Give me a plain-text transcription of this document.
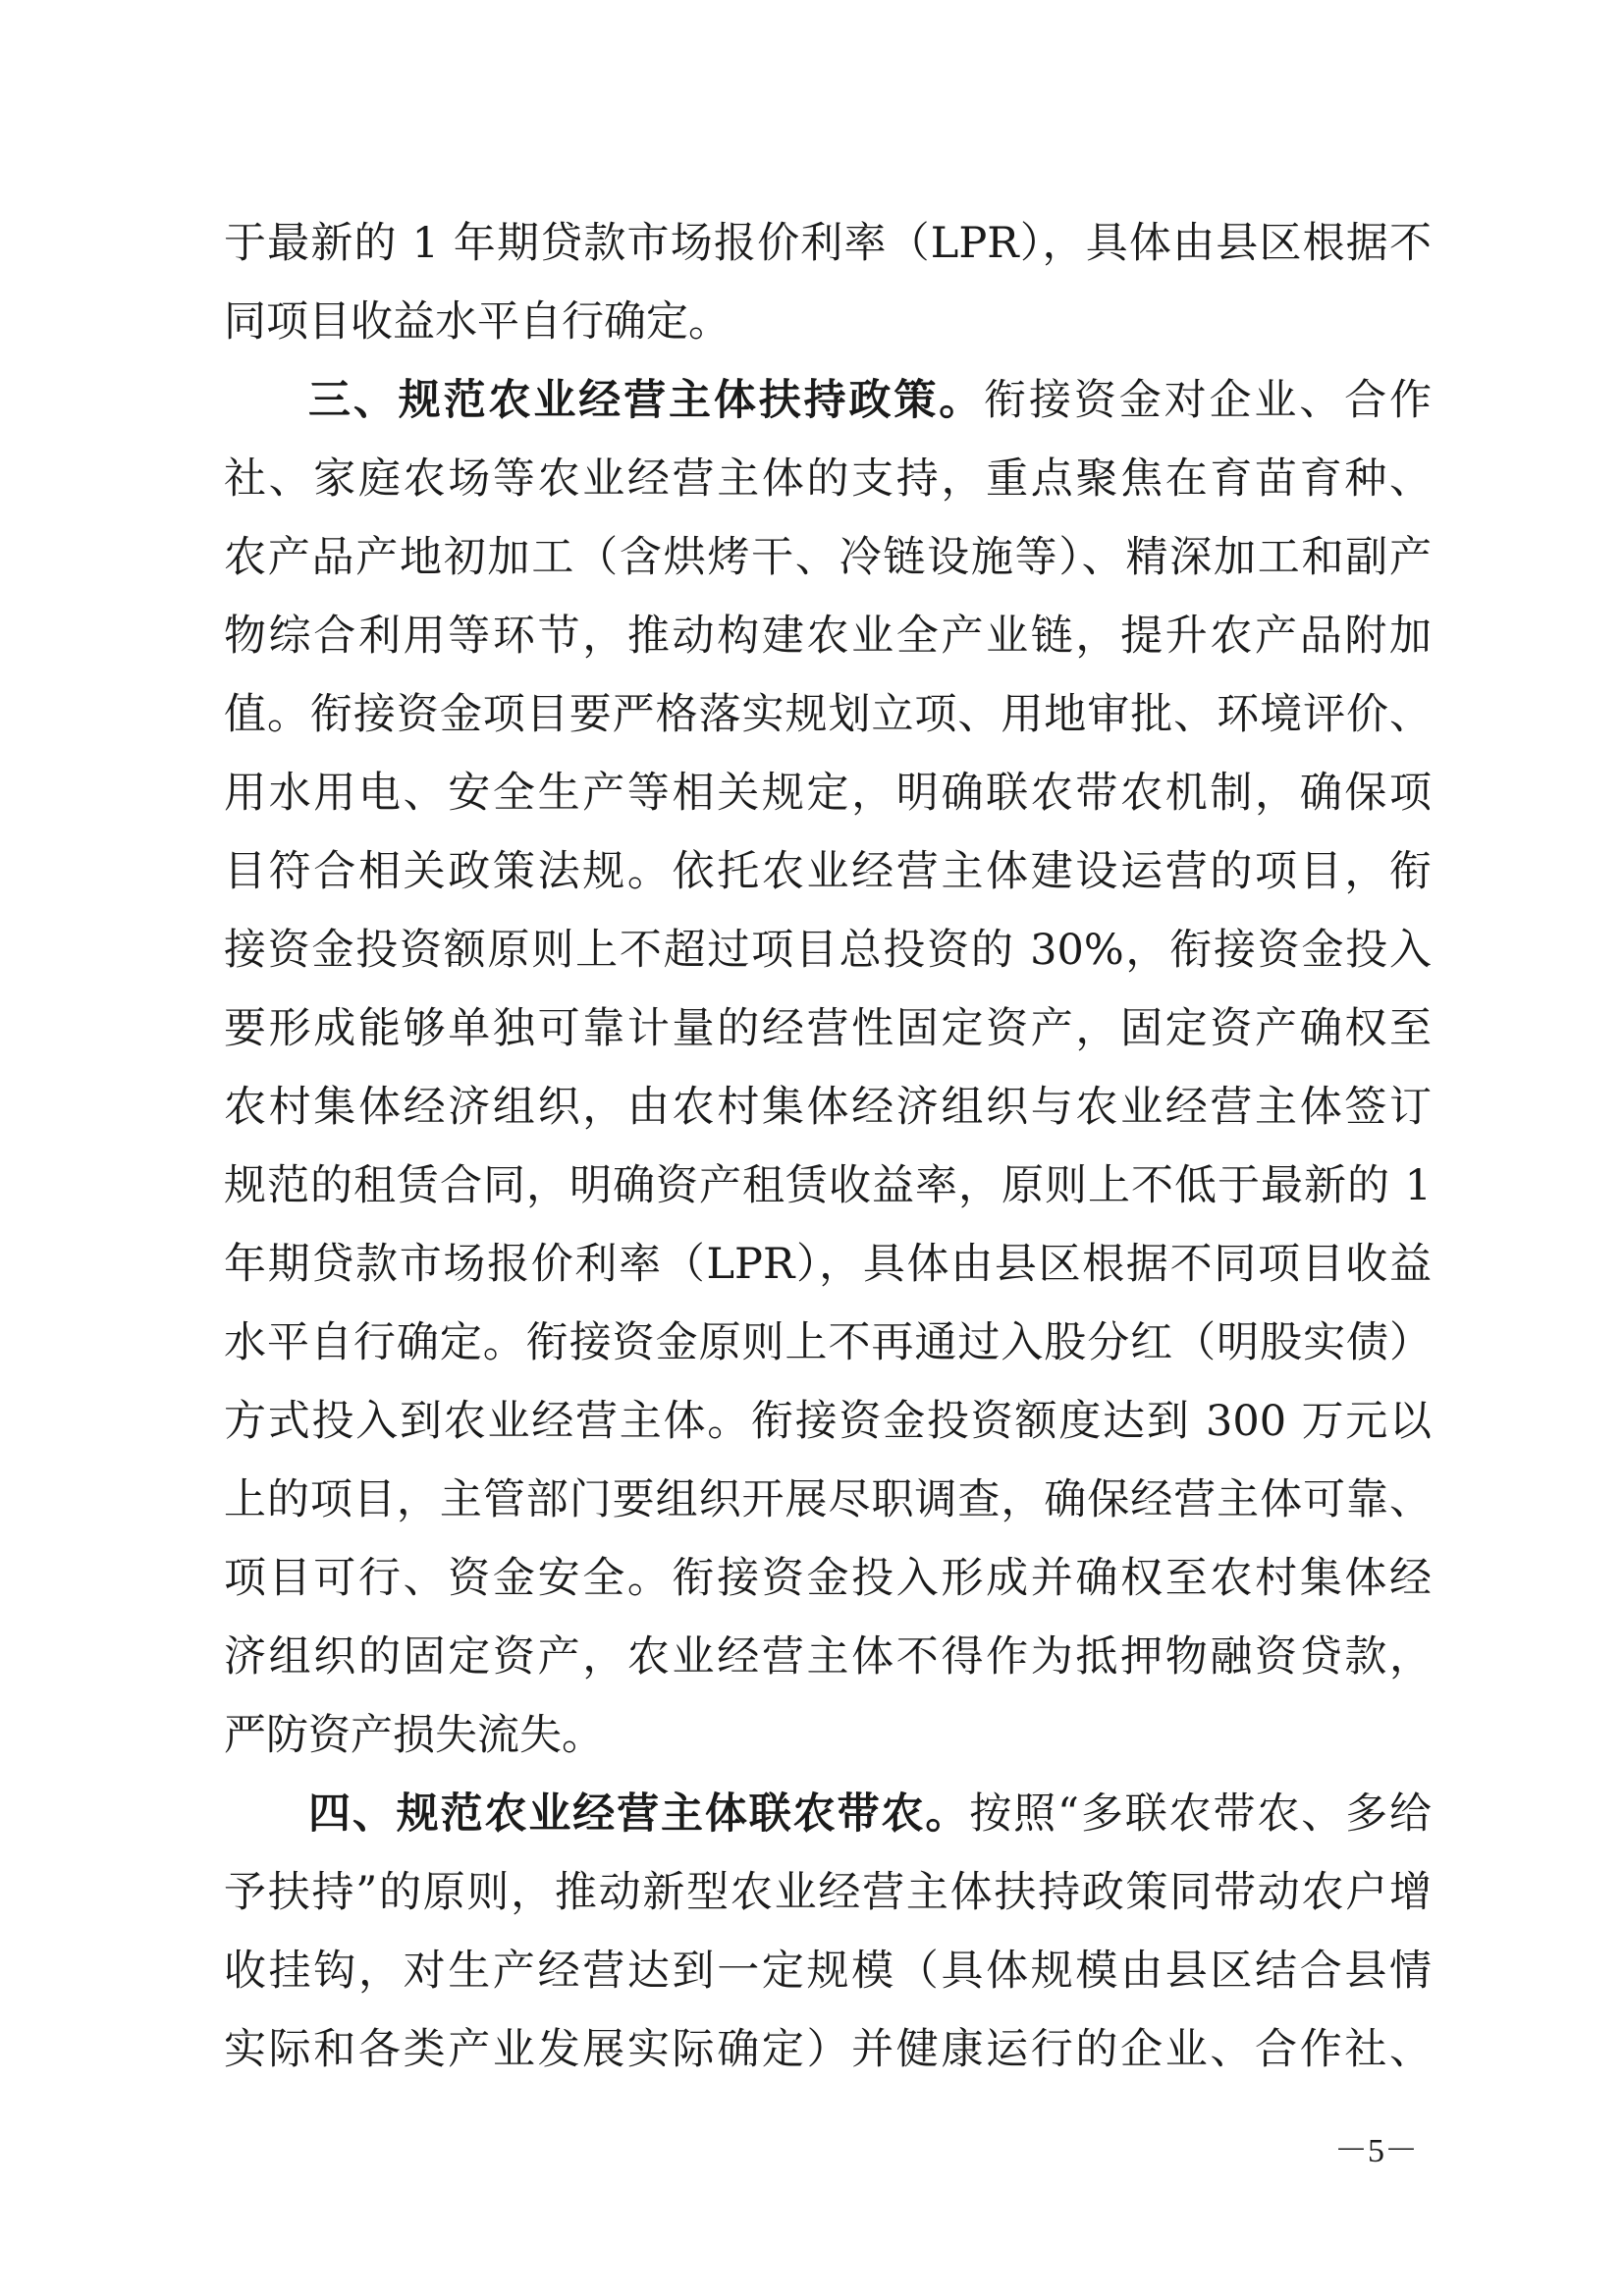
于最新的 1 年期贷款市场报价利率（LPR），具体由县区根据不
同项目收益水平自行确定。
三、规范农业经营主体扶持政策。衔接资金对企业、合作
社、家庭农场等农业经营主体的支持，重点聚焦在育苗育种、
农产品产地初加工（含烘烤干、冷链设施等）、精深加工和副产
物综合利用等环节，推动构建农业全产业链，提升农产品附加
值。衔接资金项目要严格落实规划立项、用地审批、环境评价、
用水用电、安全生产等相关规定，明确联农带农机制，确保项
目符合相关政策法规。依托农业经营主体建设运营的项目，衔
接资金投资额原则上不超过项目总投资的 30%，衔接资金投入
要形成能够单独可靠计量的经营性固定资产，固定资产确权至
农村集体经济组织，由农村集体经济组织与农业经营主体签订
规范的租赁合同，明确资产租赁收益率，原则上不低于最新的 1
年期贷款市场报价利率（LPR），具体由县区根据不同项目收益
水平自行确定。衔接资金原则上不再通过入股分红（明股实债）
方式投入到农业经营主体。衔接资金投资额度达到 300 万元以
上的项目，主管部门要组织开展尽职调查，确保经营主体可靠、
项目可行、资金安全。衔接资金投入形成并确权至农村集体经
济组织的固定资产，农业经营主体不得作为抵押物融资贷款，
严防资产损失流失。
四、规范农业经营主体联农带农。按照“多联农带农、多给
予扶持”的原则，推动新型农业经营主体扶持政策同带动农户增
收挂钩，对生产经营达到一定规模（具体规模由县区结合县情
实际和各类产业发展实际确定）并健康运行的企业、合作社、
－5－
